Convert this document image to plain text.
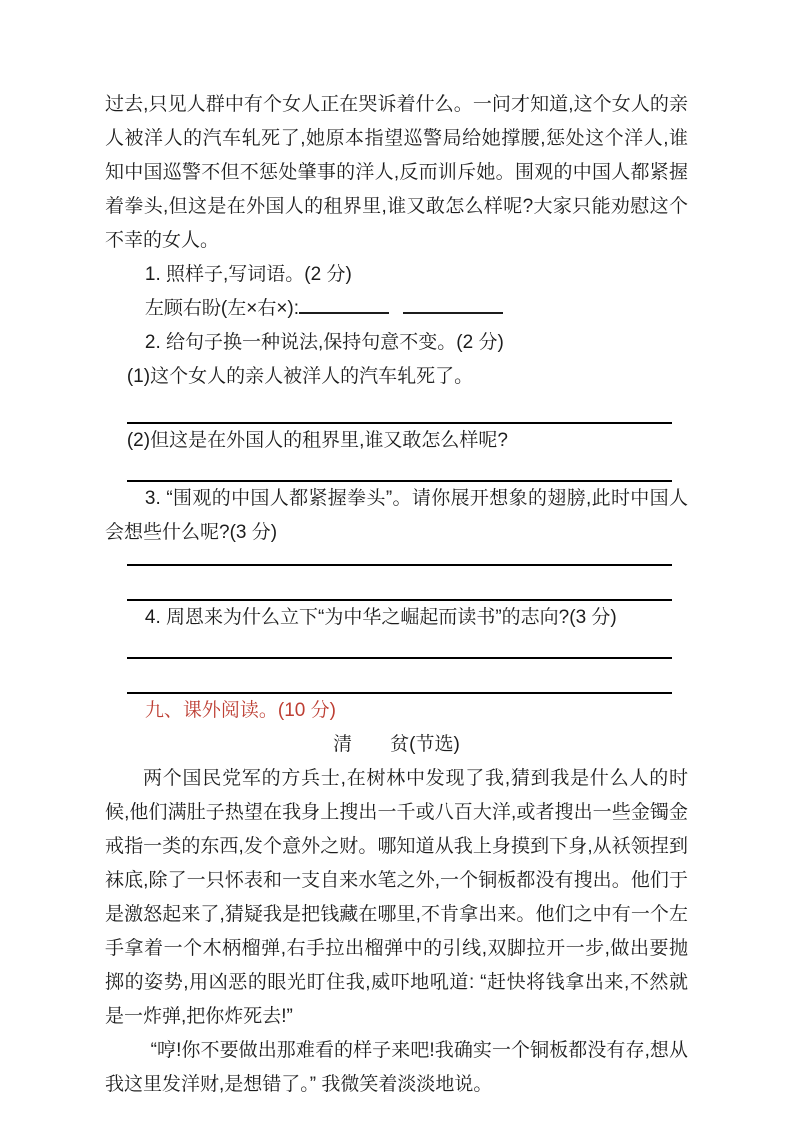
过去,只见人群中有个女人正在哭诉着什么。一问才知道,这个女人的亲人被洋人的汽车轧死了,她原本指望巡警局给她撑腰,惩处这个洋人,谁知中国巡警不但不惩处肇事的洋人,反而训斥她。围观的中国人都紧握着拳头,但这是在外国人的租界里,谁又敢怎么样呢?大家只能劝慰这个不幸的女人。

1. 照样子,写词语。(2 分)

左顾右盼(左×右×):

2. 给句子换一种说法,保持句意不变。(2 分)

(1)这个女人的亲人被洋人的汽车轧死了。

(2)但这是在外国人的租界里,谁又敢怎么样呢?

3. “围观的中国人都紧握拳头”。请你展开想象的翅膀,此时中国人会想些什么呢?(3 分)

4. 周恩来为什么立下“为中华之崛起而读书”的志向?(3 分)

九、课外阅读。(10 分)

清　　贫(节选)

两个国民党军的方兵士,在树林中发现了我,猜到我是什么人的时候,他们满肚子热望在我身上搜出一千或八百大洋,或者搜出一些金镯金戒指一类的东西,发个意外之财。哪知道从我上身摸到下身,从袄领捏到袜底,除了一只怀表和一支自来水笔之外,一个铜板都没有搜出。他们于是激怒起来了,猜疑我是把钱藏在哪里,不肯拿出来。他们之中有一个左手拿着一个木柄榴弹,右手拉出榴弹中的引线,双脚拉开一步,做出要抛掷的姿势,用凶恶的眼光盯住我,威吓地吼道: “赶快将钱拿出来,不然就是一炸弹,把你炸死去!”

“哼!你不要做出那难看的样子来吧!我确实一个铜板都没有存,想从我这里发洋财,是想错了。” 我微笑着淡淡地说。
